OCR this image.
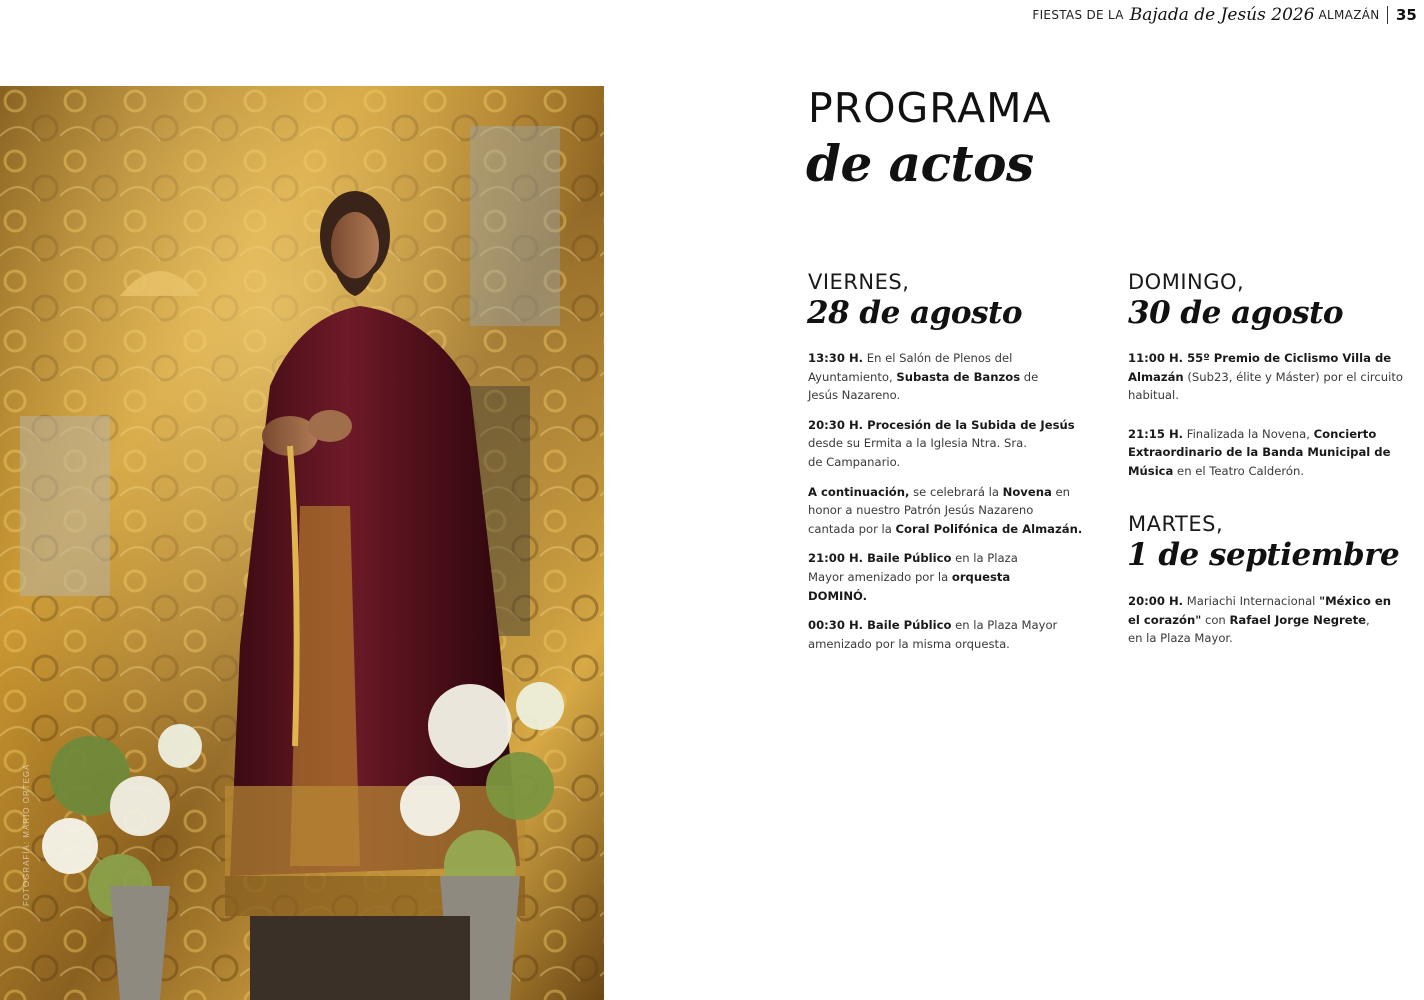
FIESTAS DE LA Bajada de Jesús 2026 ALMAZÁN 35
FOTOGRAFÍA: MARIO ORTEGA
PROGRAMA
de actos
VIERNES,
28 de agosto

13:30 H. En el Salón de Plenos del
Ayuntamiento, Subasta de Banzos de
Jesús Nazareno.

20:30 H. Procesión de la Subida de Jesús
desde su Ermita a la Iglesia Ntra. Sra.
de Campanario.

A continuación, se celebrará la Novena en
honor a nuestro Patrón Jesús Nazareno
cantada por la Coral Polifónica de Almazán.

21:00 H. Baile Público en la Plaza
Mayor amenizado por la orquesta
DOMINÓ.

00:30 H. Baile Público en la Plaza Mayor
amenizado por la misma orquesta.

DOMINGO,
30 de agosto

11:00 H. 55º Premio de Ciclismo Villa de
Almazán (Sub23, élite y Máster) por el circuito
habitual.

21:15 H. Finalizada la Novena, Concierto
Extraordinario de la Banda Municipal de
Música en el Teatro Calderón.

MARTES,
1 de septiembre

20:00 H. Mariachi Internacional "México en
el corazón" con Rafael Jorge Negrete,
en la Plaza Mayor.
